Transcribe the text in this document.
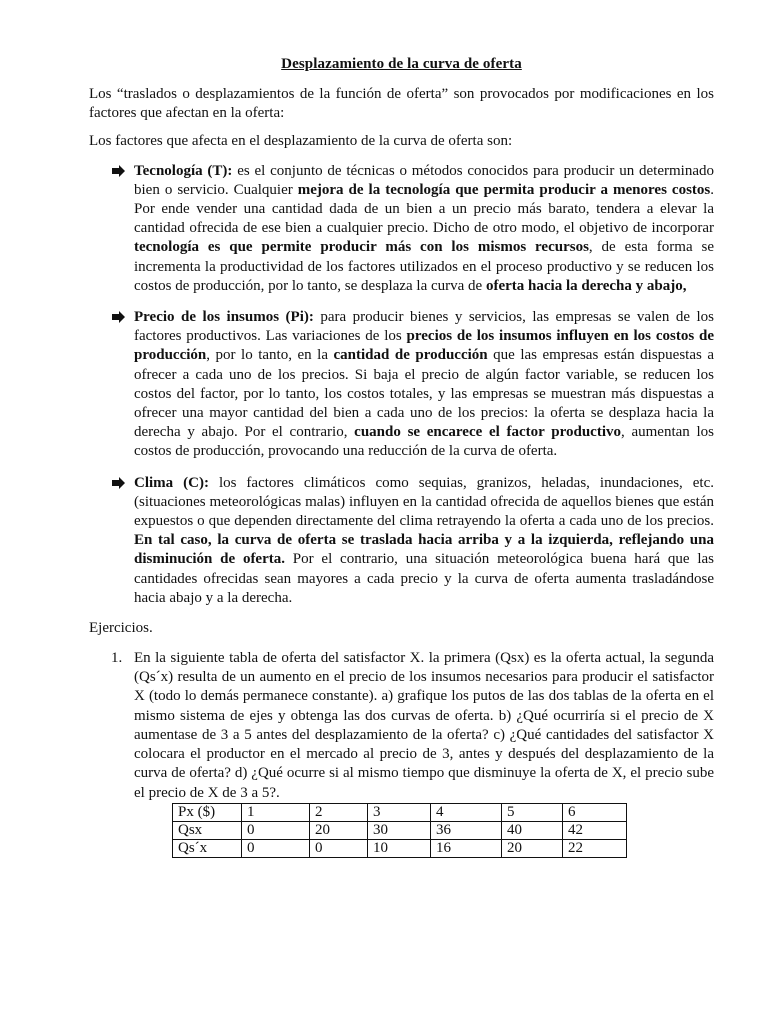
Desplazamiento de la curva de oferta

Los “traslados o desplazamientos de la función de oferta” son provocados por modificaciones en los factores que afectan en la oferta:

Los factores que afecta en el desplazamiento de la curva de oferta son:

Tecnología (T): es el conjunto de técnicas o métodos conocidos para producir un determinado bien o servicio. Cualquier mejora de la tecnología que permita producir a menores costos. Por ende vender una cantidad dada de un bien a un precio más barato, tendera a elevar la cantidad ofrecida de ese bien a cualquier precio. Dicho de otro modo, el objetivo de incorporar tecnología es que permite producir más con los mismos recursos, de esta forma se incrementa la productividad de los factores utilizados en el proceso productivo y se reducen los costos de producción, por lo tanto, se desplaza la curva de oferta hacia la derecha y abajo,
Precio de los insumos (Pi): para producir bienes y servicios, las empresas se valen de los factores productivos. Las variaciones de los precios de los insumos influyen en los costos de producción, por lo tanto, en la cantidad de producción que las empresas están dispuestas a ofrecer a cada uno de los precios. Si baja el precio de algún factor variable, se reducen los costos del factor, por lo tanto, los costos totales, y las empresas se muestran más dispuestas a ofrecer una mayor cantidad del bien a cada uno de los precios: la oferta se desplaza hacia la derecha y abajo. Por el contrario, cuando se encarece el factor productivo, aumentan los costos de producción, provocando una reducción de la curva de oferta.
Clima (C): los factores climáticos como sequias, granizos, heladas, inundaciones, etc. (situaciones meteorológicas malas) influyen en la cantidad ofrecida de aquellos bienes que están expuestos o que dependen directamente del clima retrayendo la oferta a cada uno de los precios. En tal caso, la curva de oferta se traslada hacia arriba y a la izquierda, reflejando una disminución de oferta. Por el contrario, una situación meteorológica buena hará que las cantidades ofrecidas sean mayores a cada precio y la curva de oferta aumenta trasladándose hacia abajo y a la derecha.
Ejercicios.
1. En la siguiente tabla de oferta del satisfactor X. la primera (Qsx) es la oferta actual, la segunda (Qs´x) resulta de un aumento en el precio de los insumos necesarios para producir el satisfactor X (todo lo demás permanece constante). a) grafique los putos de las dos tablas de la oferta en el mismo sistema de ejes y obtenga las dos curvas de oferta. b) ¿Qué ocurriría si el precio de X aumentase de 3 a 5 antes del desplazamiento de la oferta? c) ¿Qué cantidades del satisfactor X colocara el productor en el mercado al precio de 3, antes y después del desplazamiento de la curva de oferta? d) ¿Qué ocurre si al mismo tiempo que disminuye la oferta de X, el precio sube el precio de X de 3 a 5?.
Px ($)	1	2	3	4	5	6
Qsx	0	20	30	36	40	42
Qs´x	0	0	10	16	20	22
